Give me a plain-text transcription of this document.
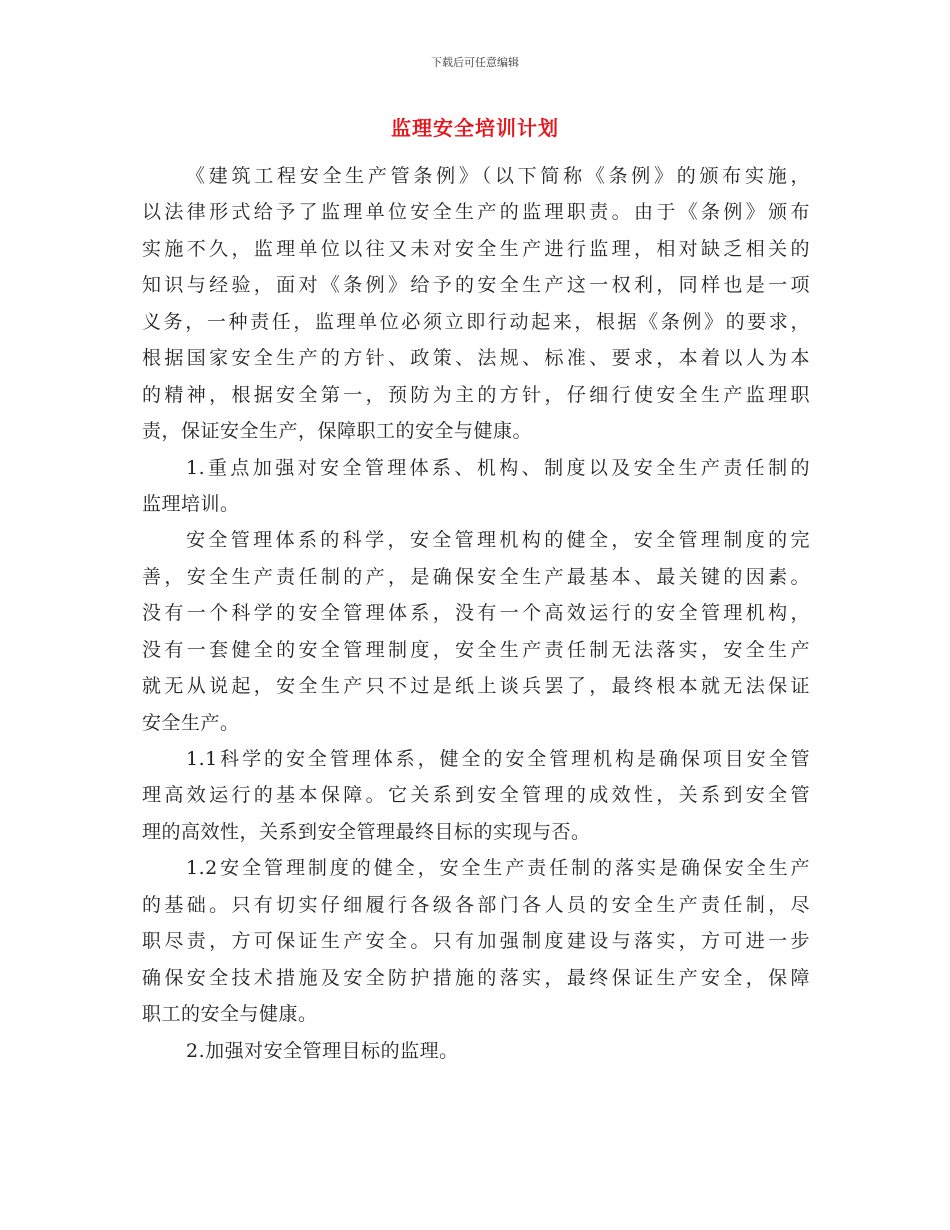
下载后可任意编辑
监理安全培训计划
《建筑工程安全生产管条例》（以下简称《条例》的颁布实施，
以法律形式给予了监理单位安全生产的监理职责。由于《条例》颁布
实施不久，监理单位以往又未对安全生产进行监理，相对缺乏相关的
知识与经验，面对《条例》给予的安全生产这一权利，同样也是一项
义务，一种责任，监理单位必须立即行动起来，根据《条例》的要求，
根据国家安全生产的方针、政策、法规、标准、要求，本着以人为本
的精神，根据安全第一，预防为主的方针，仔细行使安全生产监理职
责，保证安全生产，保障职工的安全与健康。
1.重点加强对安全管理体系、机构、制度以及安全生产责任制的
监理培训。
安全管理体系的科学，安全管理机构的健全，安全管理制度的完
善，安全生产责任制的产，是确保安全生产最基本、最关键的因素。
没有一个科学的安全管理体系，没有一个高效运行的安全管理机构，
没有一套健全的安全管理制度，安全生产责任制无法落实，安全生产
就无从说起，安全生产只不过是纸上谈兵罢了，最终根本就无法保证
安全生产。
1.1科学的安全管理体系，健全的安全管理机构是确保项目安全管
理高效运行的基本保障。它关系到安全管理的成效性，关系到安全管
理的高效性，关系到安全管理最终目标的实现与否。
1.2安全管理制度的健全，安全生产责任制的落实是确保安全生产
的基础。只有切实仔细履行各级各部门各人员的安全生产责任制，尽
职尽责，方可保证生产安全。只有加强制度建设与落实，方可进一步
确保安全技术措施及安全防护措施的落实，最终保证生产安全，保障
职工的安全与健康。
2.加强对安全管理目标的监理。
